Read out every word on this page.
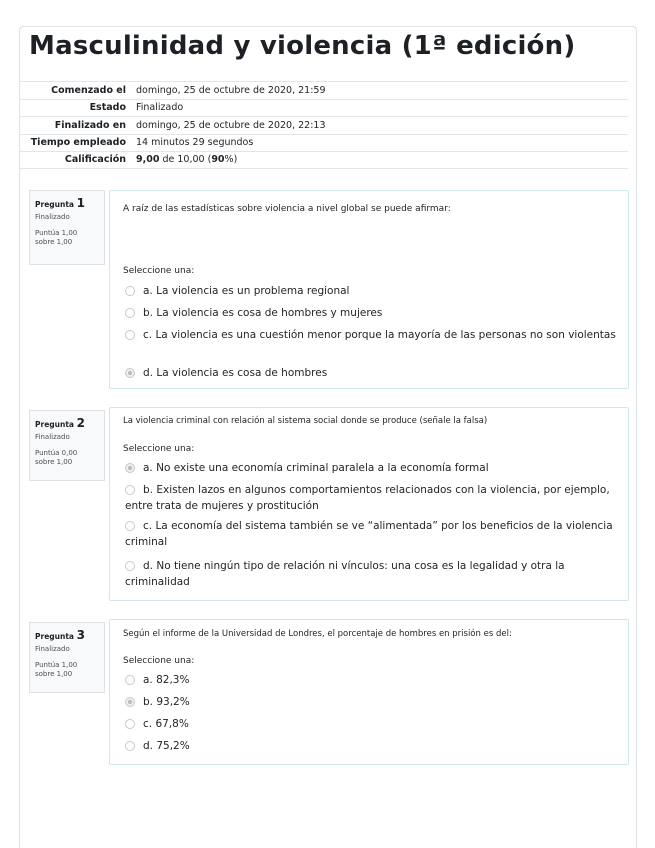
Masculinidad y violencia (1ª edición)
Comenzado el	domingo, 25 de octubre de 2020, 21:59
Estado	Finalizado
Finalizado en	domingo, 25 de octubre de 2020, 22:13
Tiempo empleado	14 minutos 29 segundos
Calificación	9,00 de 10,00 (90%)
Pregunta 1
Finalizado
Puntúa 1,00
sobre 1,00
A raíz de las estadísticas sobre violencia a nivel global se puede afirmar:
Seleccione una:
a. La violencia es un problema regional
b. La violencia es cosa de hombres y mujeres
c. La violencia es una cuestión menor porque la mayoría de las personas no son violentas
d. La violencia es cosa de hombres
Pregunta 2
Finalizado
Puntúa 0,00
sobre 1,00
La violencia criminal con relación al sistema social donde se produce (señale la falsa)
Seleccione una:
a. No existe una economía criminal paralela a la economía formal
b. Existen lazos en algunos comportamientos relacionados con la violencia, por ejemplo, entre trata de mujeres y prostitución
c. La economía del sistema también se ve “alimentada” por los beneficios de la violencia criminal
d. No tiene ningún tipo de relación ni vínculos: una cosa es la legalidad y otra la criminalidad
Pregunta 3
Finalizado
Puntúa 1,00
sobre 1,00
Según el informe de la Universidad de Londres, el porcentaje de hombres en prisión es del:
Seleccione una:
a. 82,3%
b. 93,2%
c. 67,8%
d. 75,2%
